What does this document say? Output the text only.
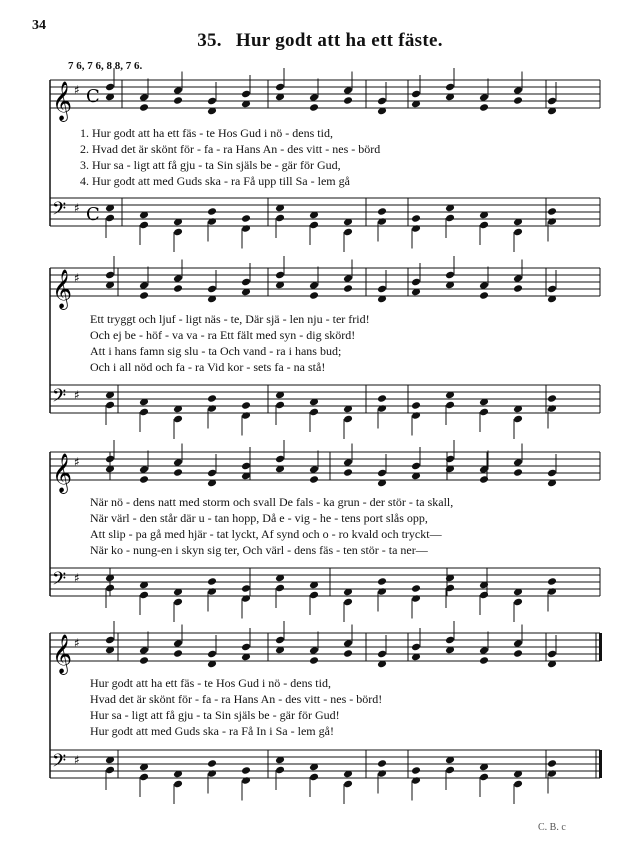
34
35. Hur godt att ha ett fäste.
7 6, 7 6, 8 8, 7 6.
𝄞 ♯ C
𝄢 ♯ C
𝄞 ♯
𝄢 ♯
𝄞 ♯
𝄢 ♯
𝄞 ♯
𝄢 ♯
1. Hur godt att ha ett fäs - te Hos Gud i nö - dens tid,
2. Hvad det är skönt för - fa - ra Hans An - des vitt - nes - börd
3. Hur sa - ligt att få gju - ta Sin själs be - gär för Gud,
4. Hur godt att med Guds ska - ra Få upp till Sa - lem gå
Ett tryggt och ljuf - ligt näs - te, Där sjä - len nju - ter frid!
Och ej be - höf - va va - ra Ett fält med syn - dig skörd!
Att i hans famn sig slu - ta Och vand - ra i hans bud;
Och i all nöd och fa - ra Vid kor - sets fa - na stå!
När nö - dens natt med storm och svall De fals - ka grun - der stör - ta skall,
När värl - den står där u - tan hopp, Då e - vig - he - tens port slås opp,
Att slip - pa gå med hjär - tat lyckt, Af synd och o - ro kvald och tryckt—
När ko - nung-en i skyn sig ter, Och värl - dens fäs - ten stör - ta ner—
Hur godt att ha ett fäs - te Hos Gud i nö - dens tid,
Hvad det är skönt för - fa - ra Hans An - des vitt - nes - börd!
Hur sa - ligt att få gju - ta Sin själs be - gär för Gud!
Hur godt att med Guds ska - ra Få In i Sa - lem gå!
C. B. c
